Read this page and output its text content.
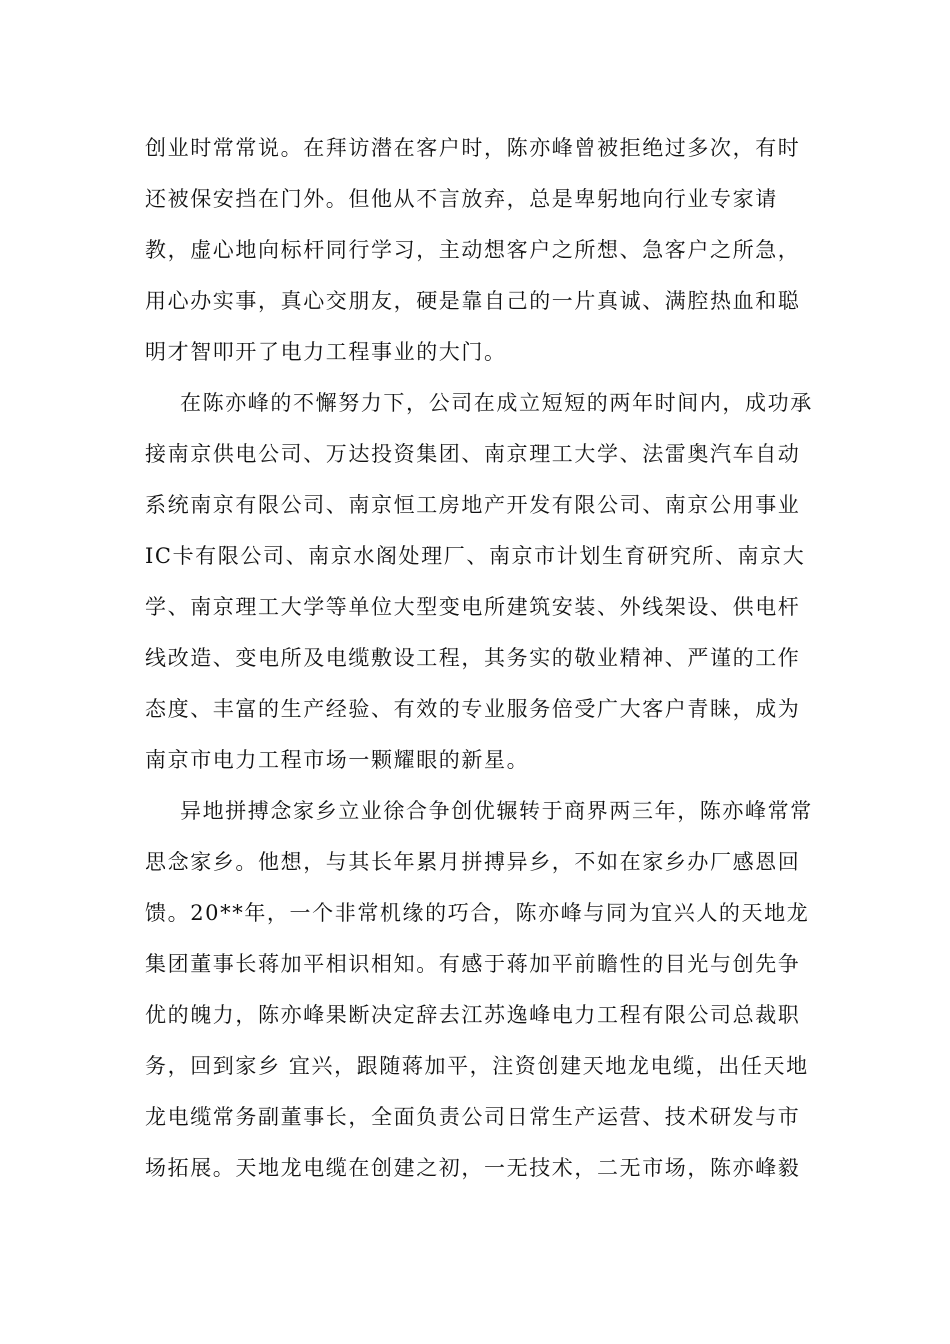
创业时常常说。在拜访潜在客户时，陈亦峰曾被拒绝过多次，有时
还被保安挡在门外。但他从不言放弃，总是卑躬地向行业专家请
教，虚心地向标杆同行学习，主动想客户之所想、急客户之所急，
用心办实事，真心交朋友，硬是靠自己的一片真诚、满腔热血和聪
明才智叩开了电力工程事业的大门。
在陈亦峰的不懈努力下，公司在成立短短的两年时间内，成功承
接南京供电公司、万达投资集团、南京理工大学、法雷奥汽车自动
系统南京有限公司、南京恒工房地产开发有限公司、南京公用事业
IC卡有限公司、南京水阁处理厂、南京市计划生育研究所、南京大
学、南京理工大学等单位大型变电所建筑安装、外线架设、供电杆
线改造、变电所及电缆敷设工程，其务实的敬业精神、严谨的工作
态度、丰富的生产经验、有效的专业服务倍受广大客户青睐，成为
南京市电力工程市场一颗耀眼的新星。
异地拼搏念家乡立业徐合争创优辗转于商界两三年，陈亦峰常常
思念家乡。他想，与其长年累月拼搏异乡，不如在家乡办厂感恩回
馈。20**年，一个非常机缘的巧合，陈亦峰与同为宜兴人的天地龙
集团董事长蒋加平相识相知。有感于蒋加平前瞻性的目光与创先争
优的魄力，陈亦峰果断决定辞去江苏逸峰电力工程有限公司总裁职
务，回到家乡 宜兴，跟随蒋加平，注资创建天地龙电缆，出任天地
龙电缆常务副董事长，全面负责公司日常生产运营、技术研发与市
场拓展。天地龙电缆在创建之初，一无技术，二无市场，陈亦峰毅
